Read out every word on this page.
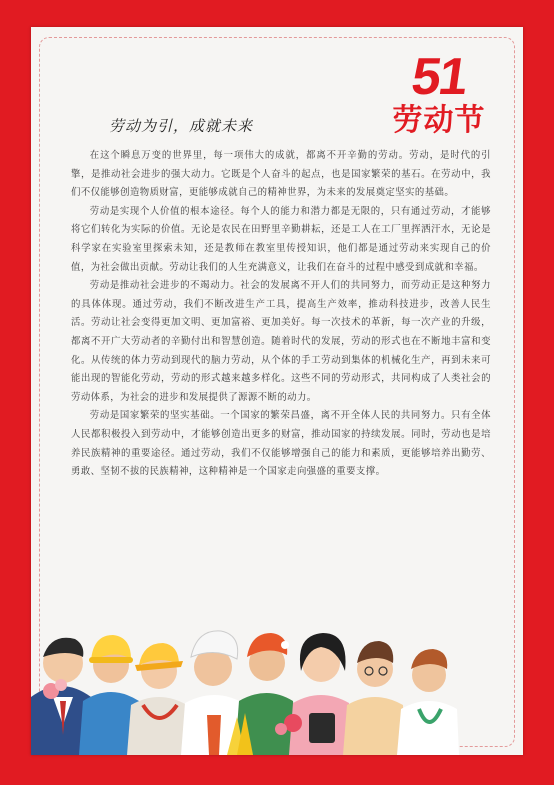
51
劳动节
劳动为引，成就未来

在这个瞬息万变的世界里，每一项伟大的成就，都离不开辛勤的劳动。劳动，是时代的引擎，是推动社会进步的强大动力。它既是个人奋斗的起点，也是国家繁荣的基石。在劳动中，我们不仅能够创造物质财富，更能够成就自己的精神世界，为未来的发展奠定坚实的基础。

劳动是实现个人价值的根本途径。每个人的能力和潜力都是无限的，只有通过劳动，才能够将它们转化为实际的价值。无论是农民在田野里辛勤耕耘，还是工人在工厂里挥洒汗水，无论是科学家在实验室里探索未知，还是教师在教室里传授知识，他们都是通过劳动来实现自己的价值，为社会做出贡献。劳动让我们的人生充满意义，让我们在奋斗的过程中感受到成就和幸福。

劳动是推动社会进步的不竭动力。社会的发展离不开人们的共同努力，而劳动正是这种努力的具体体现。通过劳动，我们不断改进生产工具，提高生产效率，推动科技进步，改善人民生活。劳动让社会变得更加文明、更加富裕、更加美好。每一次技术的革新，每一次产业的升级，都离不开广大劳动者的辛勤付出和智慧创造。随着时代的发展，劳动的形式也在不断地丰富和变化。从传统的体力劳动到现代的脑力劳动，从个体的手工劳动到集体的机械化生产，再到未来可能出现的智能化劳动，劳动的形式越来越多样化。这些不同的劳动形式，共同构成了人类社会的劳动体系，为社会的进步和发展提供了源源不断的动力。

劳动是国家繁荣的坚实基础。一个国家的繁荣昌盛，离不开全体人民的共同努力。只有全体人民都积极投入到劳动中，才能够创造出更多的财富，推动国家的持续发展。同时，劳动也是培养民族精神的重要途径。通过劳动，我们不仅能够增强自己的能力和素质，更能够培养出勤劳、勇敢、坚韧不拔的民族精神，这种精神是一个国家走向强盛的重要支撑。
